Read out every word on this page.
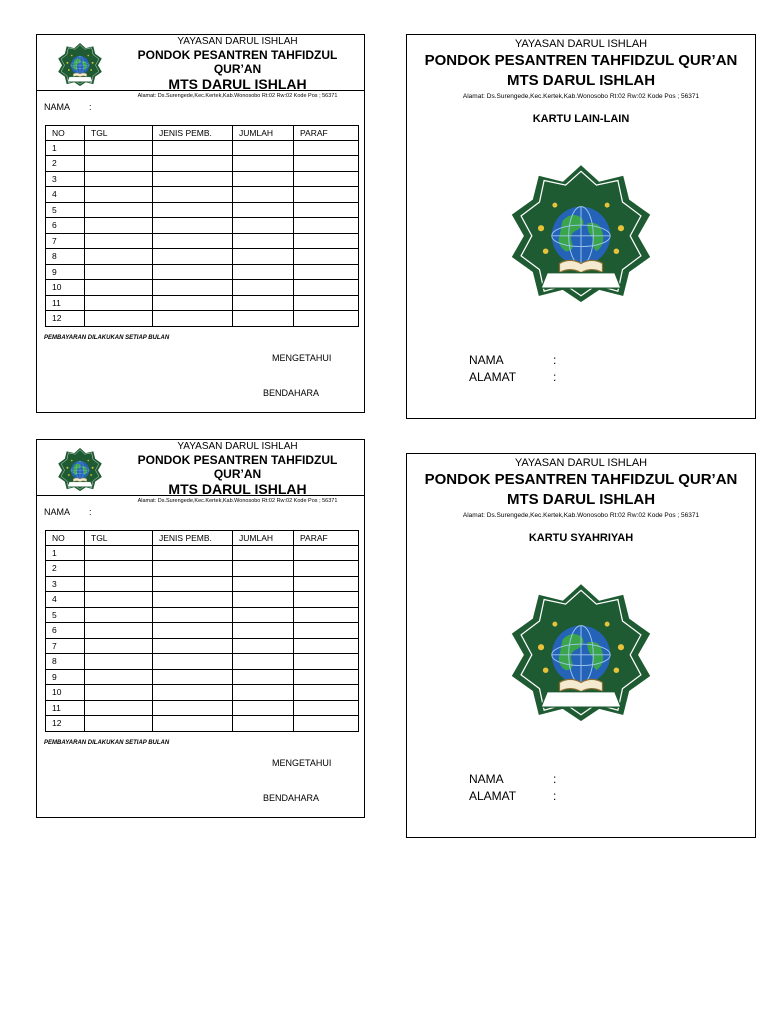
YAYASAN DARUL ISHLAH
PONDOK PESANTREN TAHFIDZUL QUR’AN
MTS DARUL ISHLAH
Alamat: Ds.Surengede,Kec.Kertek,Kab.Wonosobo Rt:02 Rw:02 Kode Pos ; 56371
NAMA :
NO	TGL	JENIS PEMB.	JUMLAH	PARAF
1				
2				
3				
4				
5				
6				
7				
8				
9				
10				
11				
12				
PEMBAYARAN DILAKUKAN SETIAP BULAN
MENGETAHUI
BENDAHARA
YAYASAN DARUL ISHLAH
PONDOK PESANTREN TAHFIDZUL QUR’AN
MTS DARUL ISHLAH
Alamat: Ds.Surengede,Kec.Kertek,Kab.Wonosobo Rt:02 Rw:02 Kode Pos ; 56371
NAMA :
NO	TGL	JENIS PEMB.	JUMLAH	PARAF
1				
2				
3				
4				
5				
6				
7				
8				
9				
10				
11				
12				
PEMBAYARAN DILAKUKAN SETIAP BULAN
MENGETAHUI
BENDAHARA
YAYASAN DARUL ISHLAH
PONDOK PESANTREN TAHFIDZUL QUR’AN
MTS DARUL ISHLAH
Alamat: Ds.Surengede,Kec.Kertek,Kab.Wonosobo Rt:02 Rw:02 Kode Pos ; 56371
KARTU LAIN-LAIN
NAMA	:
ALAMAT	:
YAYASAN DARUL ISHLAH
PONDOK PESANTREN TAHFIDZUL QUR’AN
MTS DARUL ISHLAH
Alamat: Ds.Surengede,Kec.Kertek,Kab.Wonosobo Rt:02 Rw:02 Kode Pos ; 56371
KARTU SYAHRIYAH
NAMA	:
ALAMAT	:
